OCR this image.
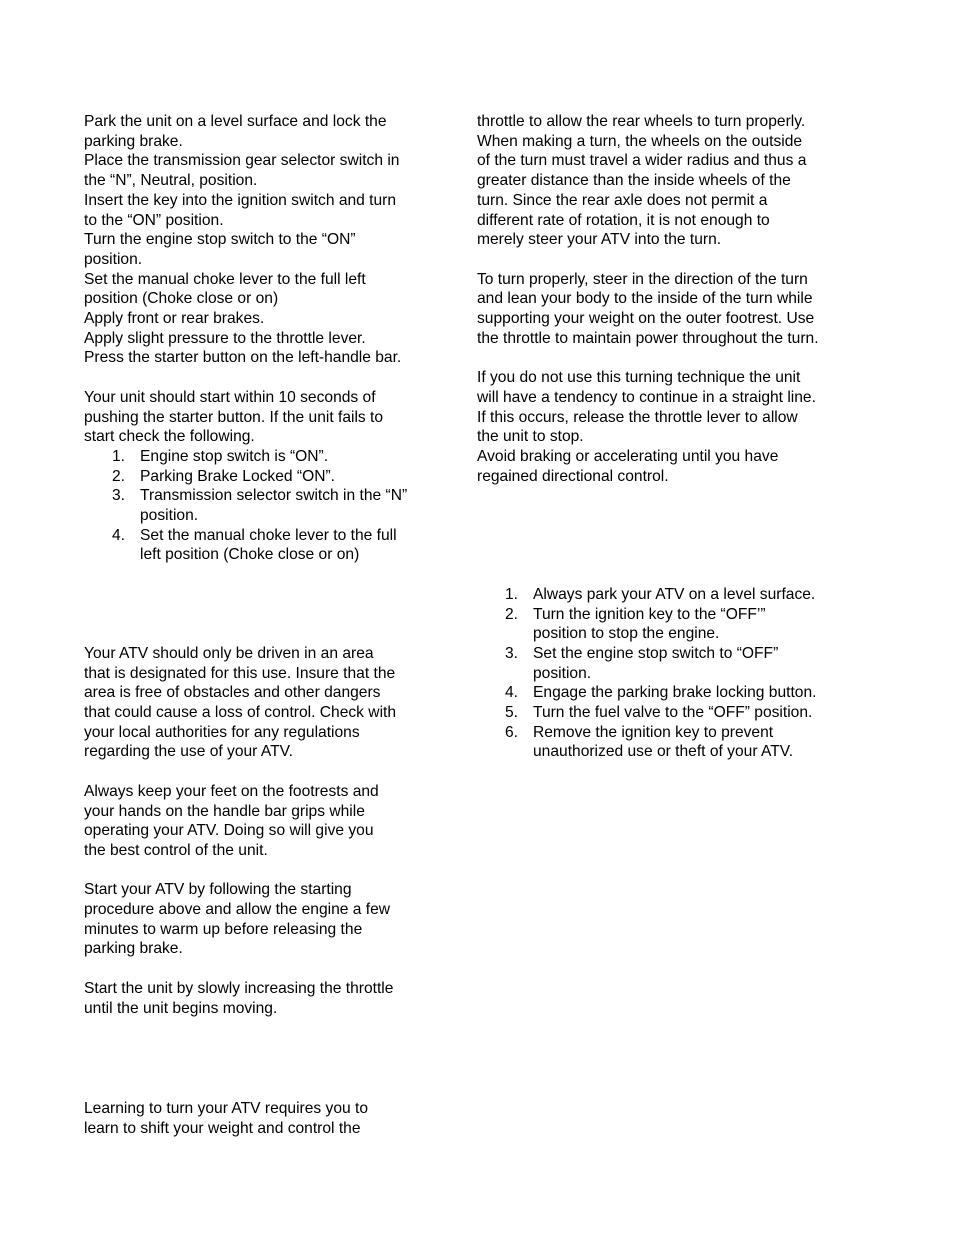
Park the unit on a level surface and lock the
parking brake.
Place the transmission gear selector switch in
the “N”, Neutral, position.
Insert the key into the ignition switch and turn
to the “ON” position.
Turn the engine stop switch to the “ON”
position.
Set the manual choke lever to the full left
position (Choke close or on)
Apply front or rear brakes.
Apply slight pressure to the throttle lever.
Press the starter button on the left-handle bar.
Your unit should start within 10 seconds of
pushing the starter button. If the unit fails to
start check the following.
1. Engine stop switch is “ON”.
2. Parking Brake Locked “ON”.
3. Transmission selector switch in the “N”
position.
4. Set the manual choke lever to the full
left position (Choke close or on)
Your ATV should only be driven in an area
that is designated for this use. Insure that the
area is free of obstacles and other dangers
that could cause a loss of control. Check with
your local authorities for any regulations
regarding the use of your ATV.
Always keep your feet on the footrests and
your hands on the handle bar grips while
operating your ATV. Doing so will give you
the best control of the unit.
Start your ATV by following the starting
procedure above and allow the engine a few
minutes to warm up before releasing the
parking brake.
Start the unit by slowly increasing the throttle
until the unit begins moving.
Learning to turn your ATV requires you to
learn to shift your weight and control the
throttle to allow the rear wheels to turn properly.
When making a turn, the wheels on the outside
of the turn must travel a wider radius and thus a
greater distance than the inside wheels of the
turn. Since the rear axle does not permit a
different rate of rotation, it is not enough to
merely steer your ATV into the turn.
To turn properly, steer in the direction of the turn
and lean your body to the inside of the turn while
supporting your weight on the outer footrest. Use
the throttle to maintain power throughout the turn.
If you do not use this turning technique the unit
will have a tendency to continue in a straight line.
If this occurs, release the throttle lever to allow
the unit to stop.
Avoid braking or accelerating until you have
regained directional control.
1. Always park your ATV on a level surface.
2. Turn the ignition key to the “OFF’”
position to stop the engine.
3. Set the engine stop switch to “OFF”
position.
4. Engage the parking brake locking button.
5. Turn the fuel valve to the “OFF” position.
6. Remove the ignition key to prevent
unauthorized use or theft of your ATV.
